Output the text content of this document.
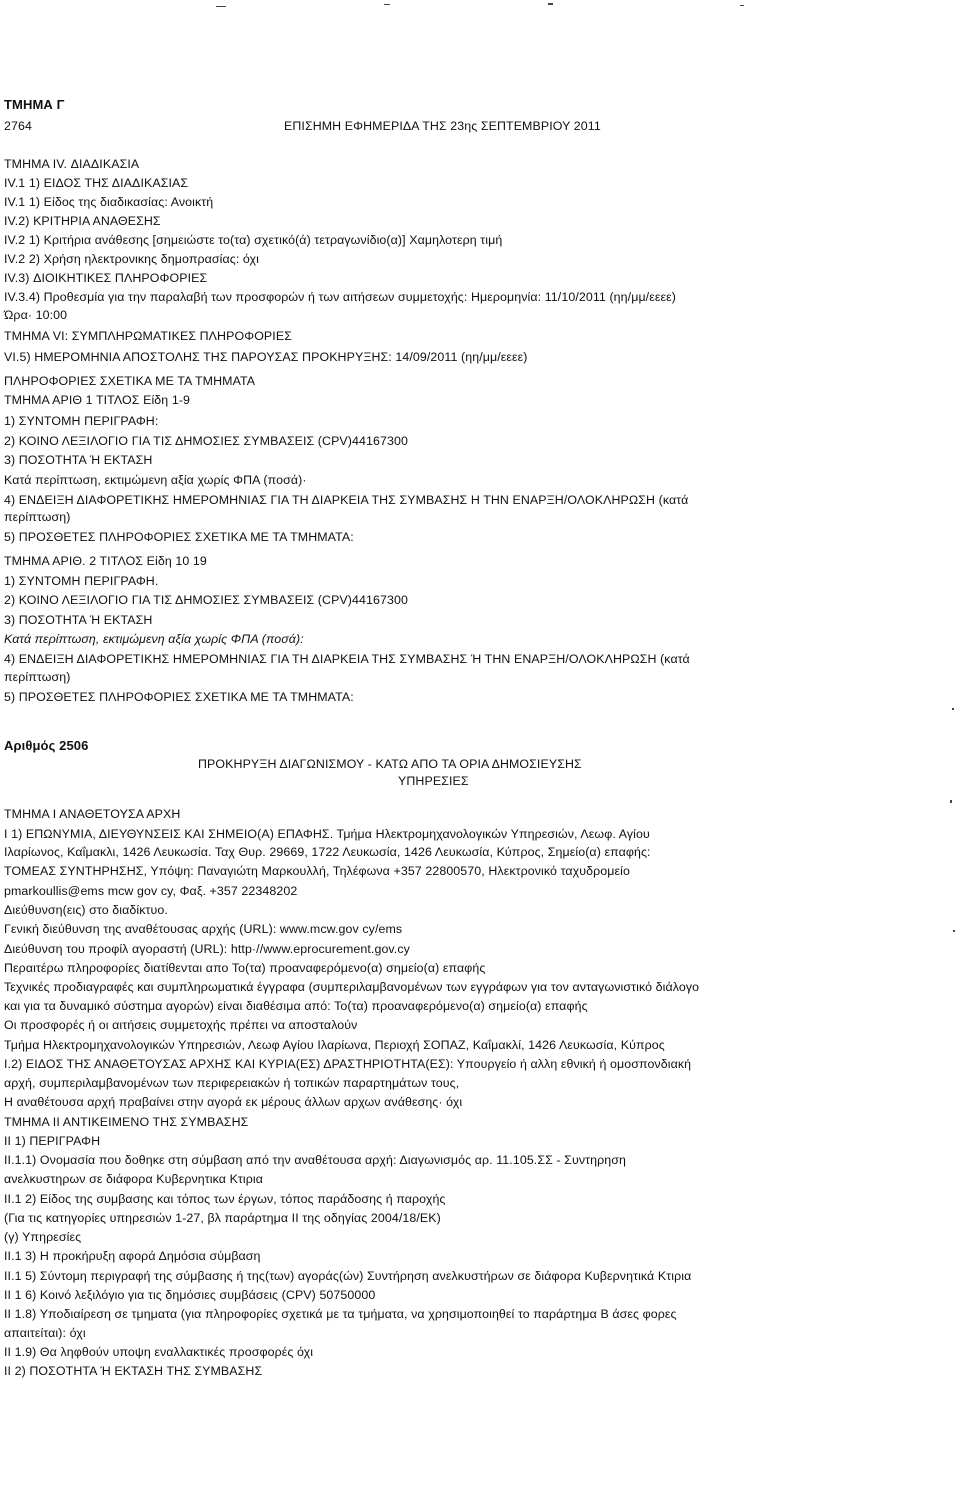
ΤΜΗΜΑ Γ
2764	ΕΠΙΣΗΜΗ ΕΦΗΜΕΡΙΔΑ ΤΗΣ 23ης ΣΕΠΤΕΜΒΡΙΟΥ 2011
ΤΜΗΜΑ IV. ΔΙΑΔΙΚΑΣΙΑ
IV.1 1) ΕΙΔΟΣ ΤΗΣ ΔΙΑΔΙΚΑΣΙΑΣ
IV.1 1) Είδος της διαδικασίας: Ανοικτή
IV.2) ΚΡΙΤΗΡΙΑ ΑΝΑΘΕΣΗΣ
IV.2 1) Κριτήρια ανάθεσης [σημειώστε το(τα) σχετικό(ά) τετραγωνίδιο(α)] Χαμηλοτερη τιμή
IV.2 2) Χρήση ηλεκτρονικης δημοπρασίας: όχι
IV.3) ΔΙΟΙΚΗΤΙΚΕΣ ΠΛΗΡΟΦΟΡΙΕΣ
IV.3.4) Προθεσμία για την παραλαβή των προσφορών ή των αιτήσεων συμμετοχής: Ημερομηνία: 11/10/2011 (ηη/μμ/εεεε)
Ώρα· 10:00
ΤΜΗΜΑ VI: ΣΥΜΠΛΗΡΩΜΑΤΙΚΕΣ ΠΛΗΡΟΦΟΡΙΕΣ
VI.5) ΗΜΕΡΟΜΗΝΙΑ ΑΠΟΣΤΟΛΗΣ ΤΗΣ ΠΑΡΟΥΣΑΣ ΠΡΟΚΗΡΥΞΗΣ: 14/09/2011 (ηη/μμ/εεεε)
ΠΛΗΡΟΦΟΡΙΕΣ ΣΧΕΤΙΚΑ ΜΕ ΤΑ ΤΜΗΜΑΤΑ
ΤΜΗΜΑ ΑΡΙΘ 1 ΤΙΤΛΟΣ Είδη 1-9
1) ΣΥΝΤΟΜΗ ΠΕΡΙΓΡΑΦΗ:
2) ΚΟΙΝΟ ΛΕΞΙΛΟΓΙΟ ΓΙΑ ΤΙΣ ΔΗΜΟΣΙΕΣ ΣΥΜΒΑΣΕΙΣ (CPV)44167300
3) ΠΟΣΟΤΗΤΑ Ή ΕΚΤΑΣΗ
Κατά περίπτωση, εκτιμώμενη αξία χωρίς ΦΠΑ (ποσά)·
4) ΕΝΔΕΙΞΗ ΔΙΑΦΟΡΕΤΙΚΗΣ ΗΜΕΡΟΜΗΝΙΑΣ ΓΙΑ ΤΗ ΔΙΑΡΚΕΙΑ ΤΗΣ ΣΥΜΒΑΣΗΣ Η ΤΗΝ ΕΝΑΡΞΗ/ΟΛΟΚΛΗΡΩΣΗ (κατά
περίπτωση)
5) ΠΡΟΣΘΕΤΕΣ ΠΛΗΡΟΦΟΡΙΕΣ ΣΧΕΤΙΚΑ ΜΕ ΤΑ ΤΜΗΜΑΤΑ:
ΤΜΗΜΑ ΑΡΙΘ. 2 ΤΙΤΛΟΣ Είδη 10 19
1) ΣΥΝΤΟΜΗ ΠΕΡΙΓΡΑΦΗ.
2) ΚΟΙΝΟ ΛΕΞΙΛΟΓΙΟ ΓΙΑ ΤΙΣ ΔΗΜΟΣΙΕΣ ΣΥΜΒΑΣΕΙΣ (CPV)44167300
3) ΠΟΣΟΤΗΤΑ Ή ΕΚΤΑΣΗ
Κατά περίπτωση, εκτιμώμενη αξία χωρίς ΦΠΑ (ποσά):
4) ΕΝΔΕΙΞΗ ΔΙΑΦΟΡΕΤΙΚΗΣ ΗΜΕΡΟΜΗΝΙΑΣ ΓΙΑ ΤΗ ΔΙΑΡΚΕΙΑ ΤΗΣ ΣΥΜΒΑΣΗΣ Ή ΤΗΝ ΕΝΑΡΞΗ/ΟΛΟΚΛΗΡΩΣΗ (κατά
περίπτωση)
5) ΠΡΟΣΘΕΤΕΣ ΠΛΗΡΟΦΟΡΙΕΣ ΣΧΕΤΙΚΑ ΜΕ ΤΑ ΤΜΗΜΑΤΑ:
Αριθμός 2506
ΠΡΟΚΗΡΥΞΗ ΔΙΑΓΩΝΙΣΜΟΥ - ΚΑΤΩ ΑΠΟ ΤΑ ΟΡΙΑ ΔΗΜΟΣΙΕΥΣΗΣ
ΥΠΗΡΕΣΙΕΣ
ΤΜΗΜΑ Ι ΑΝΑΘΕΤΟΥΣΑ ΑΡΧΗ
Ι 1) ΕΠΩΝΥΜΙΑ, ΔΙΕΥΘΥΝΣΕΙΣ ΚΑΙ ΣΗΜΕΙΟ(Α) ΕΠΑΦΗΣ. Τμήμα Ηλεκτρομηχανολογικών Υπηρεσιών, Λεωφ. Αγίου
Ιλαρίωνος, Καΐμακλι, 1426 Λευκωσία. Ταχ Θυρ. 29669, 1722 Λευκωσία, 1426 Λευκωσία, Κύπρος, Σημείο(α) επαφής:
ΤΟΜΕΑΣ ΣΥΝΤΗΡΗΣΗΣ, Υπόψη: Παναγιώτη Μαρκουλλή, Τηλέφωνα +357 22800570, Ηλεκτρονικό ταχυδρομείο
pmarkoullis@ems mcw gov cy, Φαξ. +357 22348202
Διεύθυνση(εις) στο διαδίκτυο.
Γενική διεύθυνση της αναθέτουσας αρχής (URL): www.mcw.gov cy/ems
Διεύθυνση του προφίλ αγοραστή (URL): http·//www.eprocurement.gov.cy
Περαιτέρω πληροφορίες διατίθενται απο Το(τα) προαναφερόμενο(α) σημείο(α) επαφής
Τεχνικές προδιαγραφές και συμπληρωματικά έγγραφα (συμπεριλαμβανομένων των εγγράφων για τον ανταγωνιστικό διάλογο
και για τα δυναμικό σύστημα αγορών) είναι διαθέσιμα από: Το(τα) προαναφερόμενο(α) σημείο(α) επαφής
Οι προσφορές ή οι αιτήσεις συμμετοχής πρέπει να αποσταλούν
Τμήμα Ηλεκτρομηχανολογικών Υπηρεσιών, Λεωφ Αγίου Ιλαρίωνα, Περιοχή ΣΟΠΑΖ, Καΐμακλί, 1426 Λευκωσία, Κύπρος
Ι.2) ΕΙΔΟΣ ΤΗΣ ΑΝΑΘΕΤΟΥΣΑΣ ΑΡΧΗΣ ΚΑΙ ΚΥΡΙΑ(ΕΣ) ΔΡΑΣΤΗΡΙΟΤΗΤΑ(ΕΣ): Υπουργείο ή αλλη εθνική ή ομοσπονδιακή
αρχή, συμπεριλαμβανομένων των περιφερειακών ή τοπικών παραρτημάτων τους,
Η αναθέτουσα αρχή πραβαίνει στην αγορά εκ μέρους άλλων αρχων ανάθεσης· όχι
ΤΜΗΜΑ ΙΙ ΑΝΤΙΚΕΙΜΕΝΟ ΤΗΣ ΣΥΜΒΑΣΗΣ
ΙΙ 1) ΠΕΡΙΓΡΑΦΗ
ΙΙ.1.1) Ονομασία που δοθηκε στη σύμβαση από την αναθέτουσα αρχή: Διαγωνισμός αρ. 11.105.ΣΣ - Συντηρηση
ανελκυστηρων σε διάφορα Κυβερνητικα Κτιρια
ΙΙ.1 2) Είδος της συμβασης και τόπος των έργων, τόπος παράδοσης ή παροχής
(Για τις κατηγορίες υπηρεσιών 1-27, βλ παράρτημα ΙΙ της οδηγίας 2004/18/ΕΚ)
(γ) Υπηρεσίες
ΙΙ.1 3) Η προκήρυξη αφορά Δημόσια σύμβαση
ΙΙ.1 5) Σύντομη περιγραφή της σύμβασης ή της(των) αγοράς(ών) Συντήρηση ανελκυστήρων σε διάφορα Κυβερνητικά Κτιρια
ΙΙ 1 6) Κοινό λεξιλόγιο για τις δημόσιες συμβάσεις (CPV) 50750000
ΙΙ 1.8) Υποδιαίρεση σε τμηματα (για πληροφορίες σχετικά με τα τμήματα, να χρησιμοποιηθεί το παράρτημα Β άσες φορες
απαιτείται): όχι
ΙΙ 1.9) Θα ληφθούν υποψη εναλλακτικές προσφορές όχι
ΙΙ 2) ΠΟΣΟΤΗΤΑ Ή ΕΚΤΑΣΗ ΤΗΣ ΣΥΜΒΑΣΗΣ
